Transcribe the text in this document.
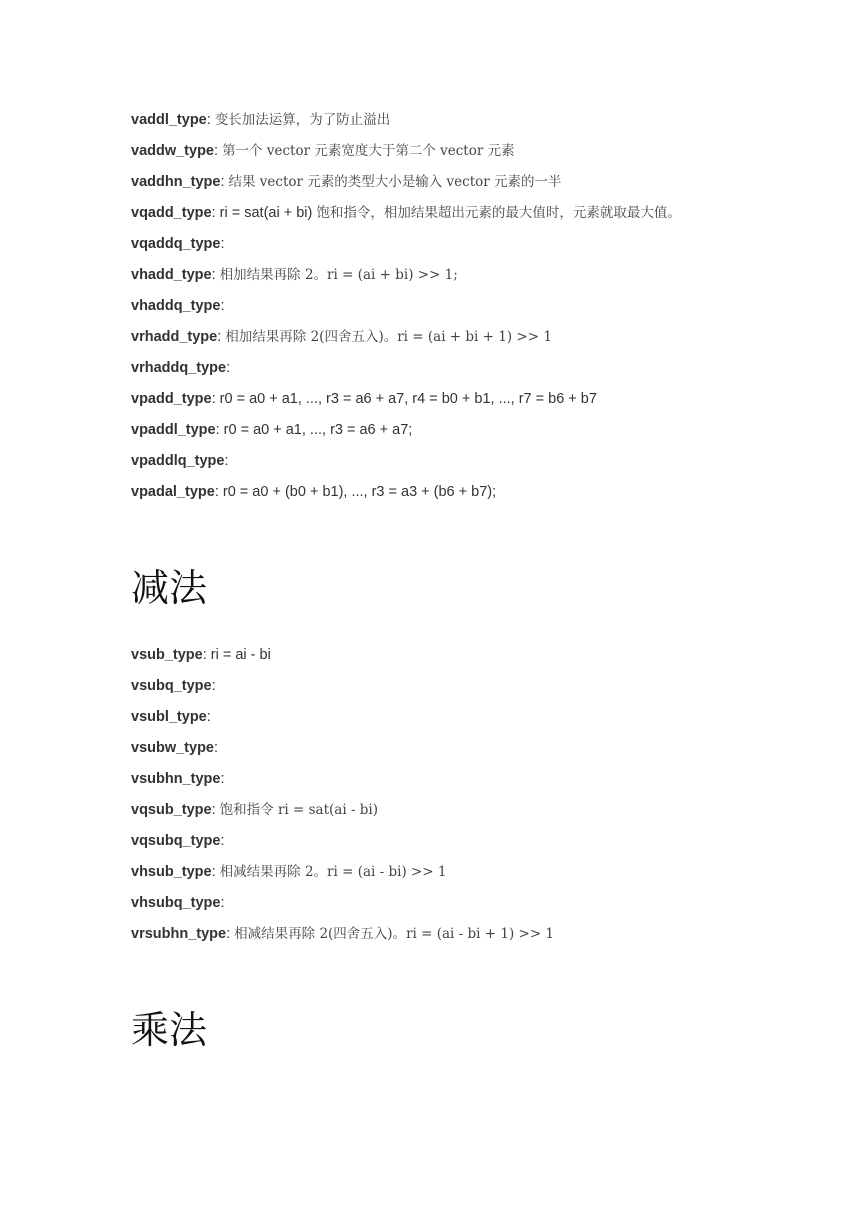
vaddl_type: 变长加法运算，为了防止溢出
vaddw_type: 第一个 vector 元素宽度大于第二个 vector 元素
vaddhn_type: 结果 vector 元素的类型大小是输入 vector 元素的一半
vqadd_type: ri = sat(ai + bi) 饱和指令，相加结果超出元素的最大值时，元素就取最大值。
vqaddq_type:
vhadd_type: 相加结果再除 2。ri = (ai + bi) >> 1;
vhaddq_type:
vrhadd_type: 相加结果再除 2(四舍五入)。ri = (ai + bi + 1) >> 1
vrhaddq_type:
vpadd_type: r0 = a0 + a1, ..., r3 = a6 + a7, r4 = b0 + b1, ..., r7 = b6 + b7
vpaddl_type: r0 = a0 + a1, ..., r3 = a6 + a7;
vpaddlq_type:
vpadal_type: r0 = a0 + (b0 + b1), ..., r3 = a3 + (b6 + b7);
减法
vsub_type: ri = ai - bi
vsubq_type:
vsubl_type:
vsubw_type:
vsubhn_type:
vqsub_type: 饱和指令 ri = sat(ai - bi)
vqsubq_type:
vhsub_type: 相减结果再除 2。ri = (ai - bi) >> 1
vhsubq_type:
vrsubhn_type: 相减结果再除 2(四舍五入)。ri = (ai - bi + 1) >> 1
乘法
